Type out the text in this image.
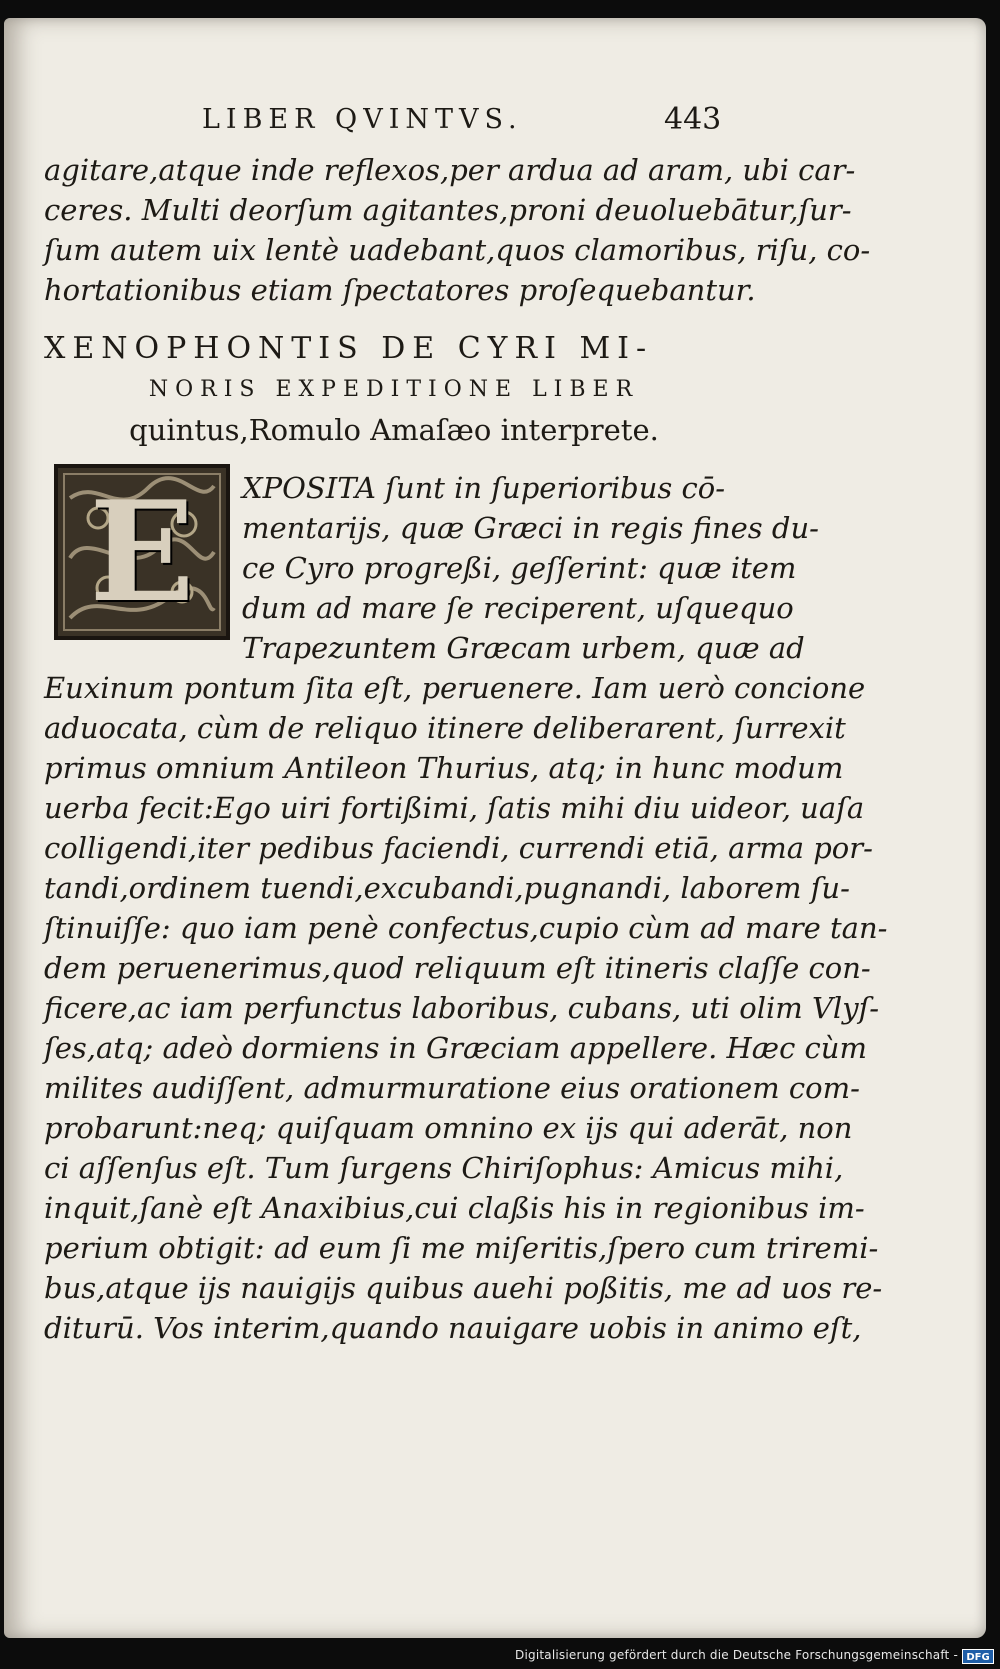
LIBER QVINTVS.	443

agitare,atque inde reflexos,per ardua ad aram, ubi car-
ceres. Multi deorſum agitantes,proni deuoluebātur,ſur-
ſum autem uix lentè uadebant,quos clamoribus, riſu, co-
hortationibus etiam ſpectatores proſequebantur.

XENOPHONTIS DE CYRI MI-
NORIS EXPEDITIONE LIBER
quintus,Romulo Amaſæo interprete.
E	XPOSITA ſunt in ſuperioribus cō-
mentarijs, quæ Græci in regis fines du-
ce Cyro progreßi, geſſerint: quæ item
dum ad mare ſe reciperent, uſquequo
Trapezuntem Græcam urbem, quæ ad
Euxinum pontum ſita eſt, peruenere. Iam uerò concione
aduocata, cùm de reliquo itinere deliberarent, ſurrexit
primus omnium Antileon Thurius, atq; in hunc modum
uerba fecit:Ego uiri fortißimi, ſatis mihi diu uideor, uaſa
colligendi,iter pedibus faciendi, currendi etiā, arma por-
tandi,ordinem tuendi,excubandi,pugnandi, laborem ſu-
ſtinuiſſe: quo iam penè confectus,cupio cùm ad mare tan-
dem peruenerimus,quod reliquum eſt itineris claſſe con-
ficere,ac iam perfunctus laboribus, cubans, uti olim Vlyſ-
ſes,atq; adeò dormiens in Græciam appellere. Hæc cùm
milites audiſſent, admurmuratione eius orationem com-
probarunt:neq; quiſquam omnino ex ijs qui aderāt, non
ci aſſenſus eſt. Tum ſurgens Chiriſophus: Amicus mihi,
inquit,ſanè eſt Anaxibius,cui claßis his in regionibus im-
perium obtigit: ad eum ſi me miſeritis,ſpero cum triremi-
bus,atque ijs nauigijs quibus auehi poßitis, me ad uos re-
diturū. Vos interim,quando nauigare uobis in animo eſt,
Digitalisierung gefördert durch die Deutsche Forschungsgemeinschaft - DFG
